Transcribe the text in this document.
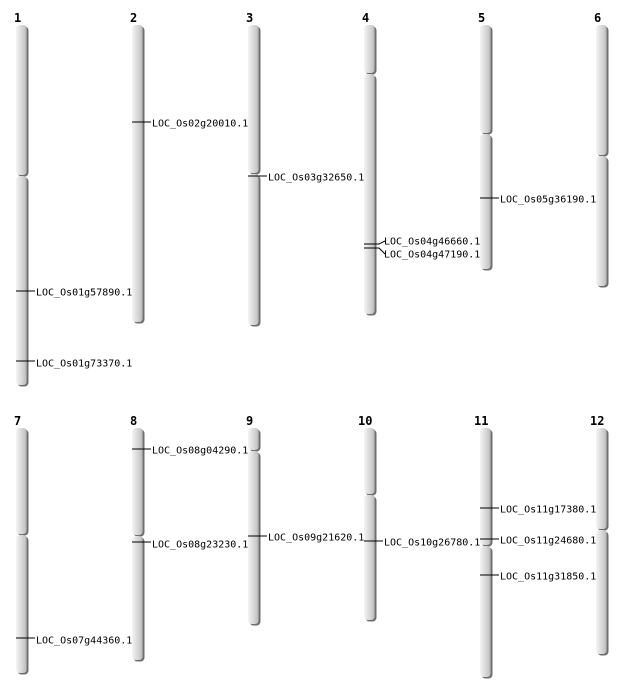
1	2	3	4	5	6
7	8	9	10	11	12
LOC_Os01g57890.1
LOC_Os01g73370.1
LOC_Os02g20010.1
LOC_Os03g32650.1
LOC_Os04g46660.1
LOC_Os04g47190.1
LOC_Os05g36190.1
LOC_Os07g44360.1
LOC_Os08g04290.1
LOC_Os08g23230.1
LOC_Os09g21620.1 LOC_Os10g26780.1
LOC_Os11g17380.1
LOC_Os11g24680.1
LOC_Os11g31850.1
